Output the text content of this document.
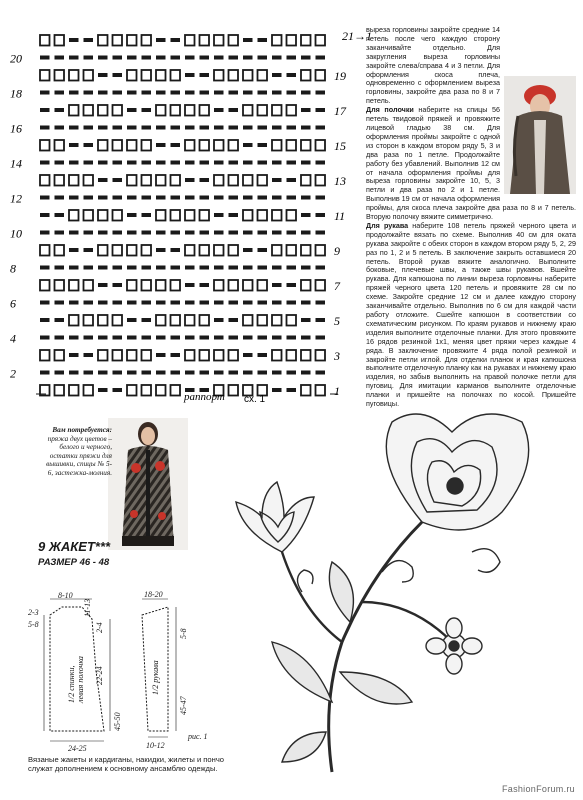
20
18
16
14
12
10
8
6
4
2
19
17
15
13
11
9
7
5
3
1
21→1
раппорт сх. 1

вырезa горловины закройте средние 14 петель после чего каждую сторону заканчивайте отдельно. Для закругления выреза горловины закройте слева/справа 4 и 3 петли. Для оформления скоса плеча, одновременно с оформлением выреза горловины, закройте два раза по 8 и 7 петель.
Для полочки наберите на спицы 56 петель твидовой пряжей и провяжите лицевой гладью 38 см. Для оформления проймы закройте с одной из сторон в каждом втором ряду 5, 3 и два раза по 1 петле. Продолжайте работу без убавлений. Выполнив 12 см от начала оформления проймы для выреза горловины закройте 10, 5, 3 петли и два раза по 2 и 1 петле. Выполнив 19 см от начала оформления проймы, для скоса плеча закройте два раза по 8 и 7 петель. Вторую полочку вяжите симметрично.
Для рукава наберите 108 петель пряжей черного цвета и продолжайте вязать по схеме. Выполнив 40 см для оката рукава закройте с обеих сторон в каждом втором ряду 5, 2, 29 раз по 1, 2 и 5 петель. В заключение закрыть оставшиеся 20 петель. Второй рукав вяжите аналогично. Выполните боковые, плечевые швы, а также швы рукавов. Вшейте рукава. Для капюшона по линии выреза горловины наберите пряжей черного цвета 120 петель и провяжите 28 см по схеме. Закройте средние 12 см и далее каждую сторону заканчивайте отдельно. Выполнив по 6 см для каждой части работу отложите. Сшейте капюшон в соответствии со схематическим рисунком. По краям рукавов и нижнему краю изделия выполните отделочные планки. Для этого провяжите 16 рядов резинкой 1х1, меняя цвет пряжи через каждые 4 ряда. В заключение провяжите 4 ряда полой резинкой и закройте петли иглой. Для отделки планок и края капюшона выполните отделочную планку как на рукавах и нижнему краю изделия, но забыв выполнить на правой полочке петли для пуговиц. Для имитации карманов выполните отделочные планки и пришейте на полочках по косой. Пришейте пуговицы.

Вам потребуется:
пряжа двух цветов – белого и черного, остатки пряжи для вышивки, спицы № 5-6, застежка-молния.
9 ЖАКЕТ***
РАЗМЕР 46 - 48
8-10
2-3
5-8
24-25
11-13
2-4
22-24
45-50
1/2 спинки, левая полочка
18-20
5-8
45-47
1/2 рукава
10-12
рис. 1
Вязаные жакеты и кардиганы, накидки, жилеты и пончо служат дополнением к основному ансамблю одежды.
FashionForum.ru
